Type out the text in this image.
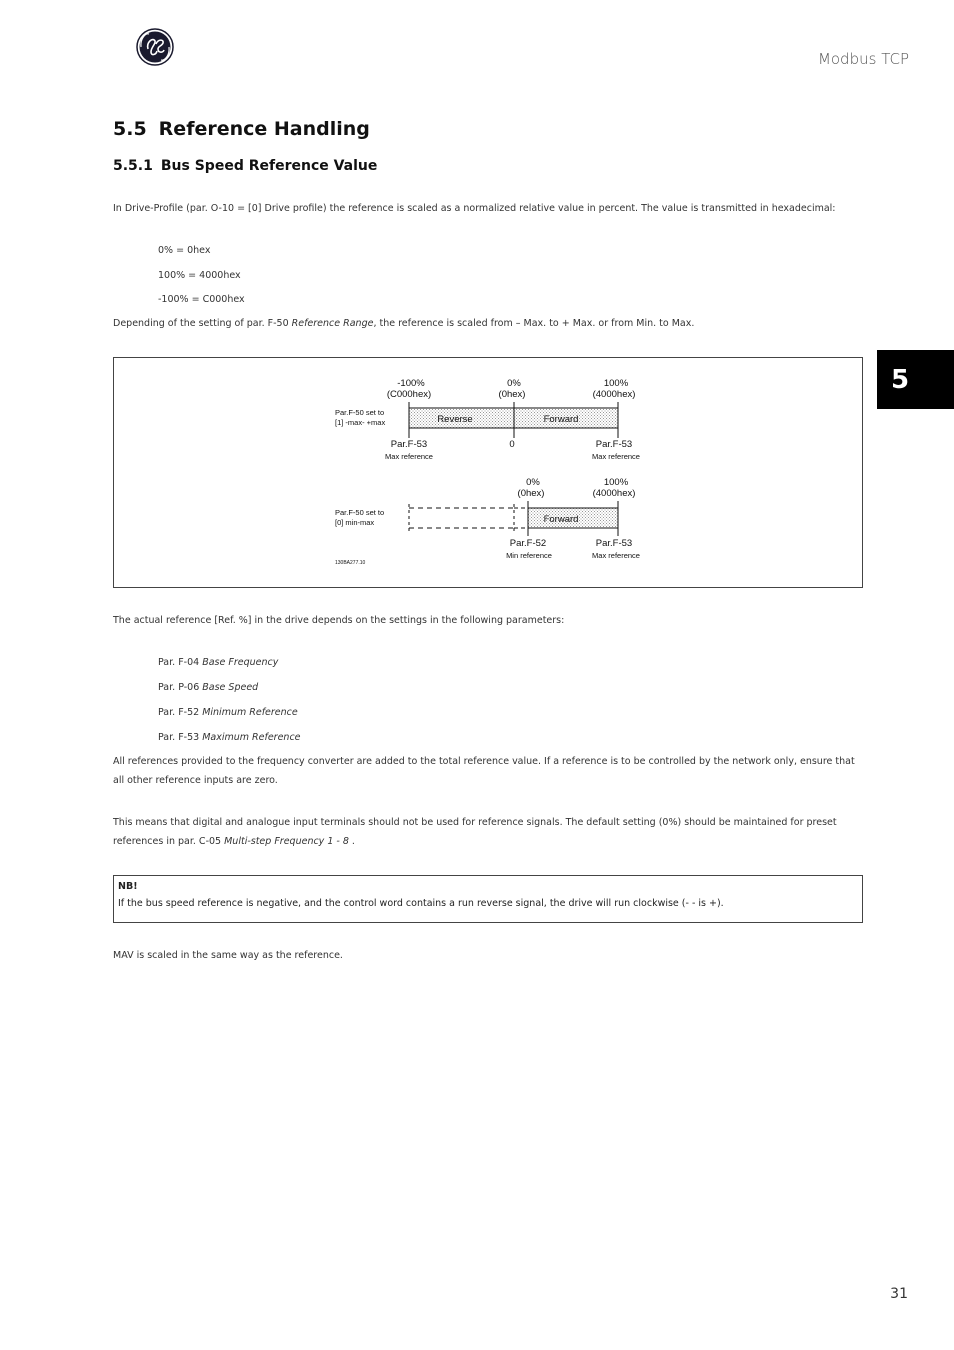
Modbus TCP
5
5.5 Reference Handling
5.5.1 Bus Speed Reference Value
In Drive-Profile (par. O-10 = [0] Drive profile) the reference is scaled as a normalized relative value in percent. The value is transmitted in hexadecimal:
0% = 0hex
100% = 4000hex
-100% = C000hex
Depending of the setting of par. F-50 Reference Range, the reference is scaled from – Max. to + Max. or from Min. to Max.
-100%
(C000hex)
0%
(0hex)
100%
(4000hex)
Par.F-50 set to
[1] -max- +max	Reverse	Forward
Par.F-53
Max reference
0	Par.F-53
Max reference
0%
(0hex)
100%
(4000hex)
Par.F-50 set to
[0] min-max	Forward
Par.F-52
Min reference
Par.F-53
Max reference
130BA277.10
The actual reference [Ref. %] in the drive depends on the settings in the following parameters:
Par. F-04 Base Frequency
Par. P-06 Base Speed
Par. F-52 Minimum Reference
Par. F-53 Maximum Reference
All references provided to the frequency converter are added to the total reference value. If a reference is to be controlled by the network only, ensure that all other reference inputs are zero.
This means that digital and analogue input terminals should not be used for reference signals. The default setting (0%) should be maintained for preset references in par. C-05 Multi-step Frequency 1 - 8 .
NB!
If the bus speed reference is negative, and the control word contains a run reverse signal, the drive will run clockwise (- - is +).
MAV is scaled in the same way as the reference.
31
